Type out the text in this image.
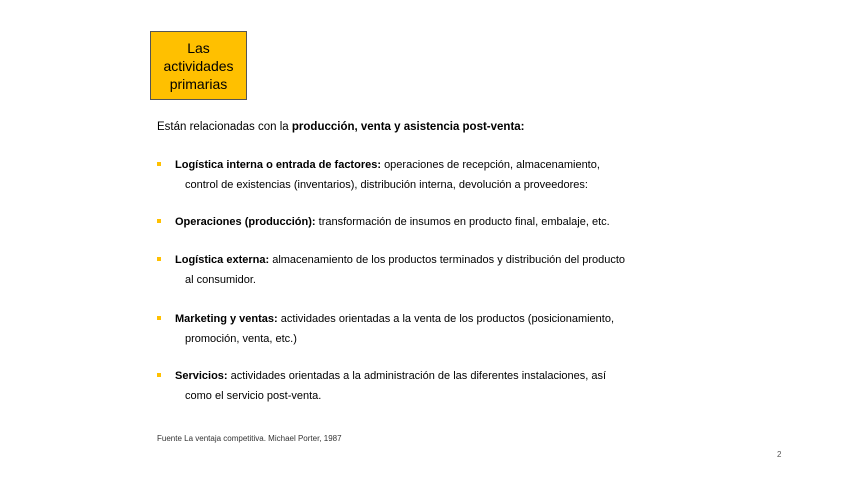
Las actividades primarias
Están relacionadas con la producción, venta y asistencia post-venta:
Logística interna o entrada de factores: operaciones de recepción, almacenamiento,
control de existencias (inventarios), distribución interna, devolución a proveedores:
Operaciones (producción): transformación de insumos en producto final, embalaje, etc.
Logística externa: almacenamiento de los productos terminados y distribución del producto
al consumidor.
Marketing y ventas: actividades orientadas a la venta de los productos (posicionamiento,
promoción, venta, etc.)
Servicios: actividades orientadas a la administración de las diferentes instalaciones, así
como el servicio post-venta.
Fuente La ventaja competitiva. Michael Porter, 1987
2
